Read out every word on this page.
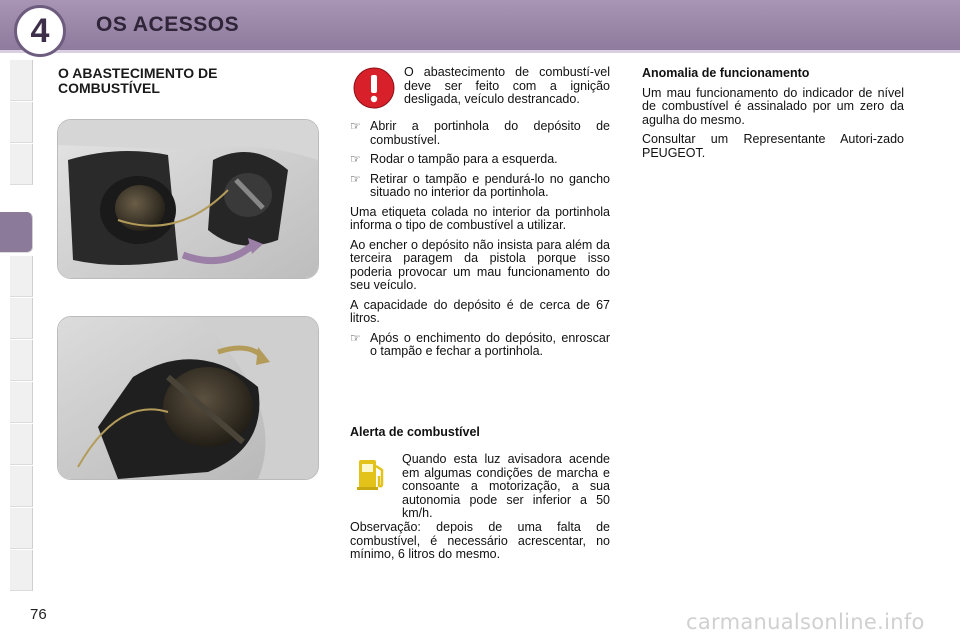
4	OS ACESSOS
O ABASTECIMENTO DE
COMBUSTÍVEL

O abastecimento de combustí-vel deve ser feito com a ignição desligada, veículo destrancado.

☞ Abrir a portinhola do depósito de combustível.
☞ Rodar o tampão para a esquerda.
☞ Retirar o tampão e pendurá-lo no gancho situado no interior da portinhola.

Uma etiqueta colada no interior da portinhola informa o tipo de combustível a utilizar.

Ao encher o depósito não insista para além da terceira paragem da pistola porque isso poderia provocar um mau funcionamento do seu veículo.

A capacidade do depósito é de cerca de 67 litros.

☞ Após o enchimento do depósito, enroscar o tampão e fechar a portinhola.
Alerta de combustível

Quando esta luz avisadora acende em algumas condições de marcha e consoante a motorização, a sua autonomia pode ser inferior a 50 km/h.

Observação: depois de uma falta de combustível, é necessário acrescentar, no mínimo, 6 litros do mesmo.

Anomalia de funcionamento

Um mau funcionamento do indicador de nível de combustível é assinalado por um zero da agulha do mesmo.

Consultar um Representante Autori-zado PEUGEOT.

76	carmanualsonline.info
